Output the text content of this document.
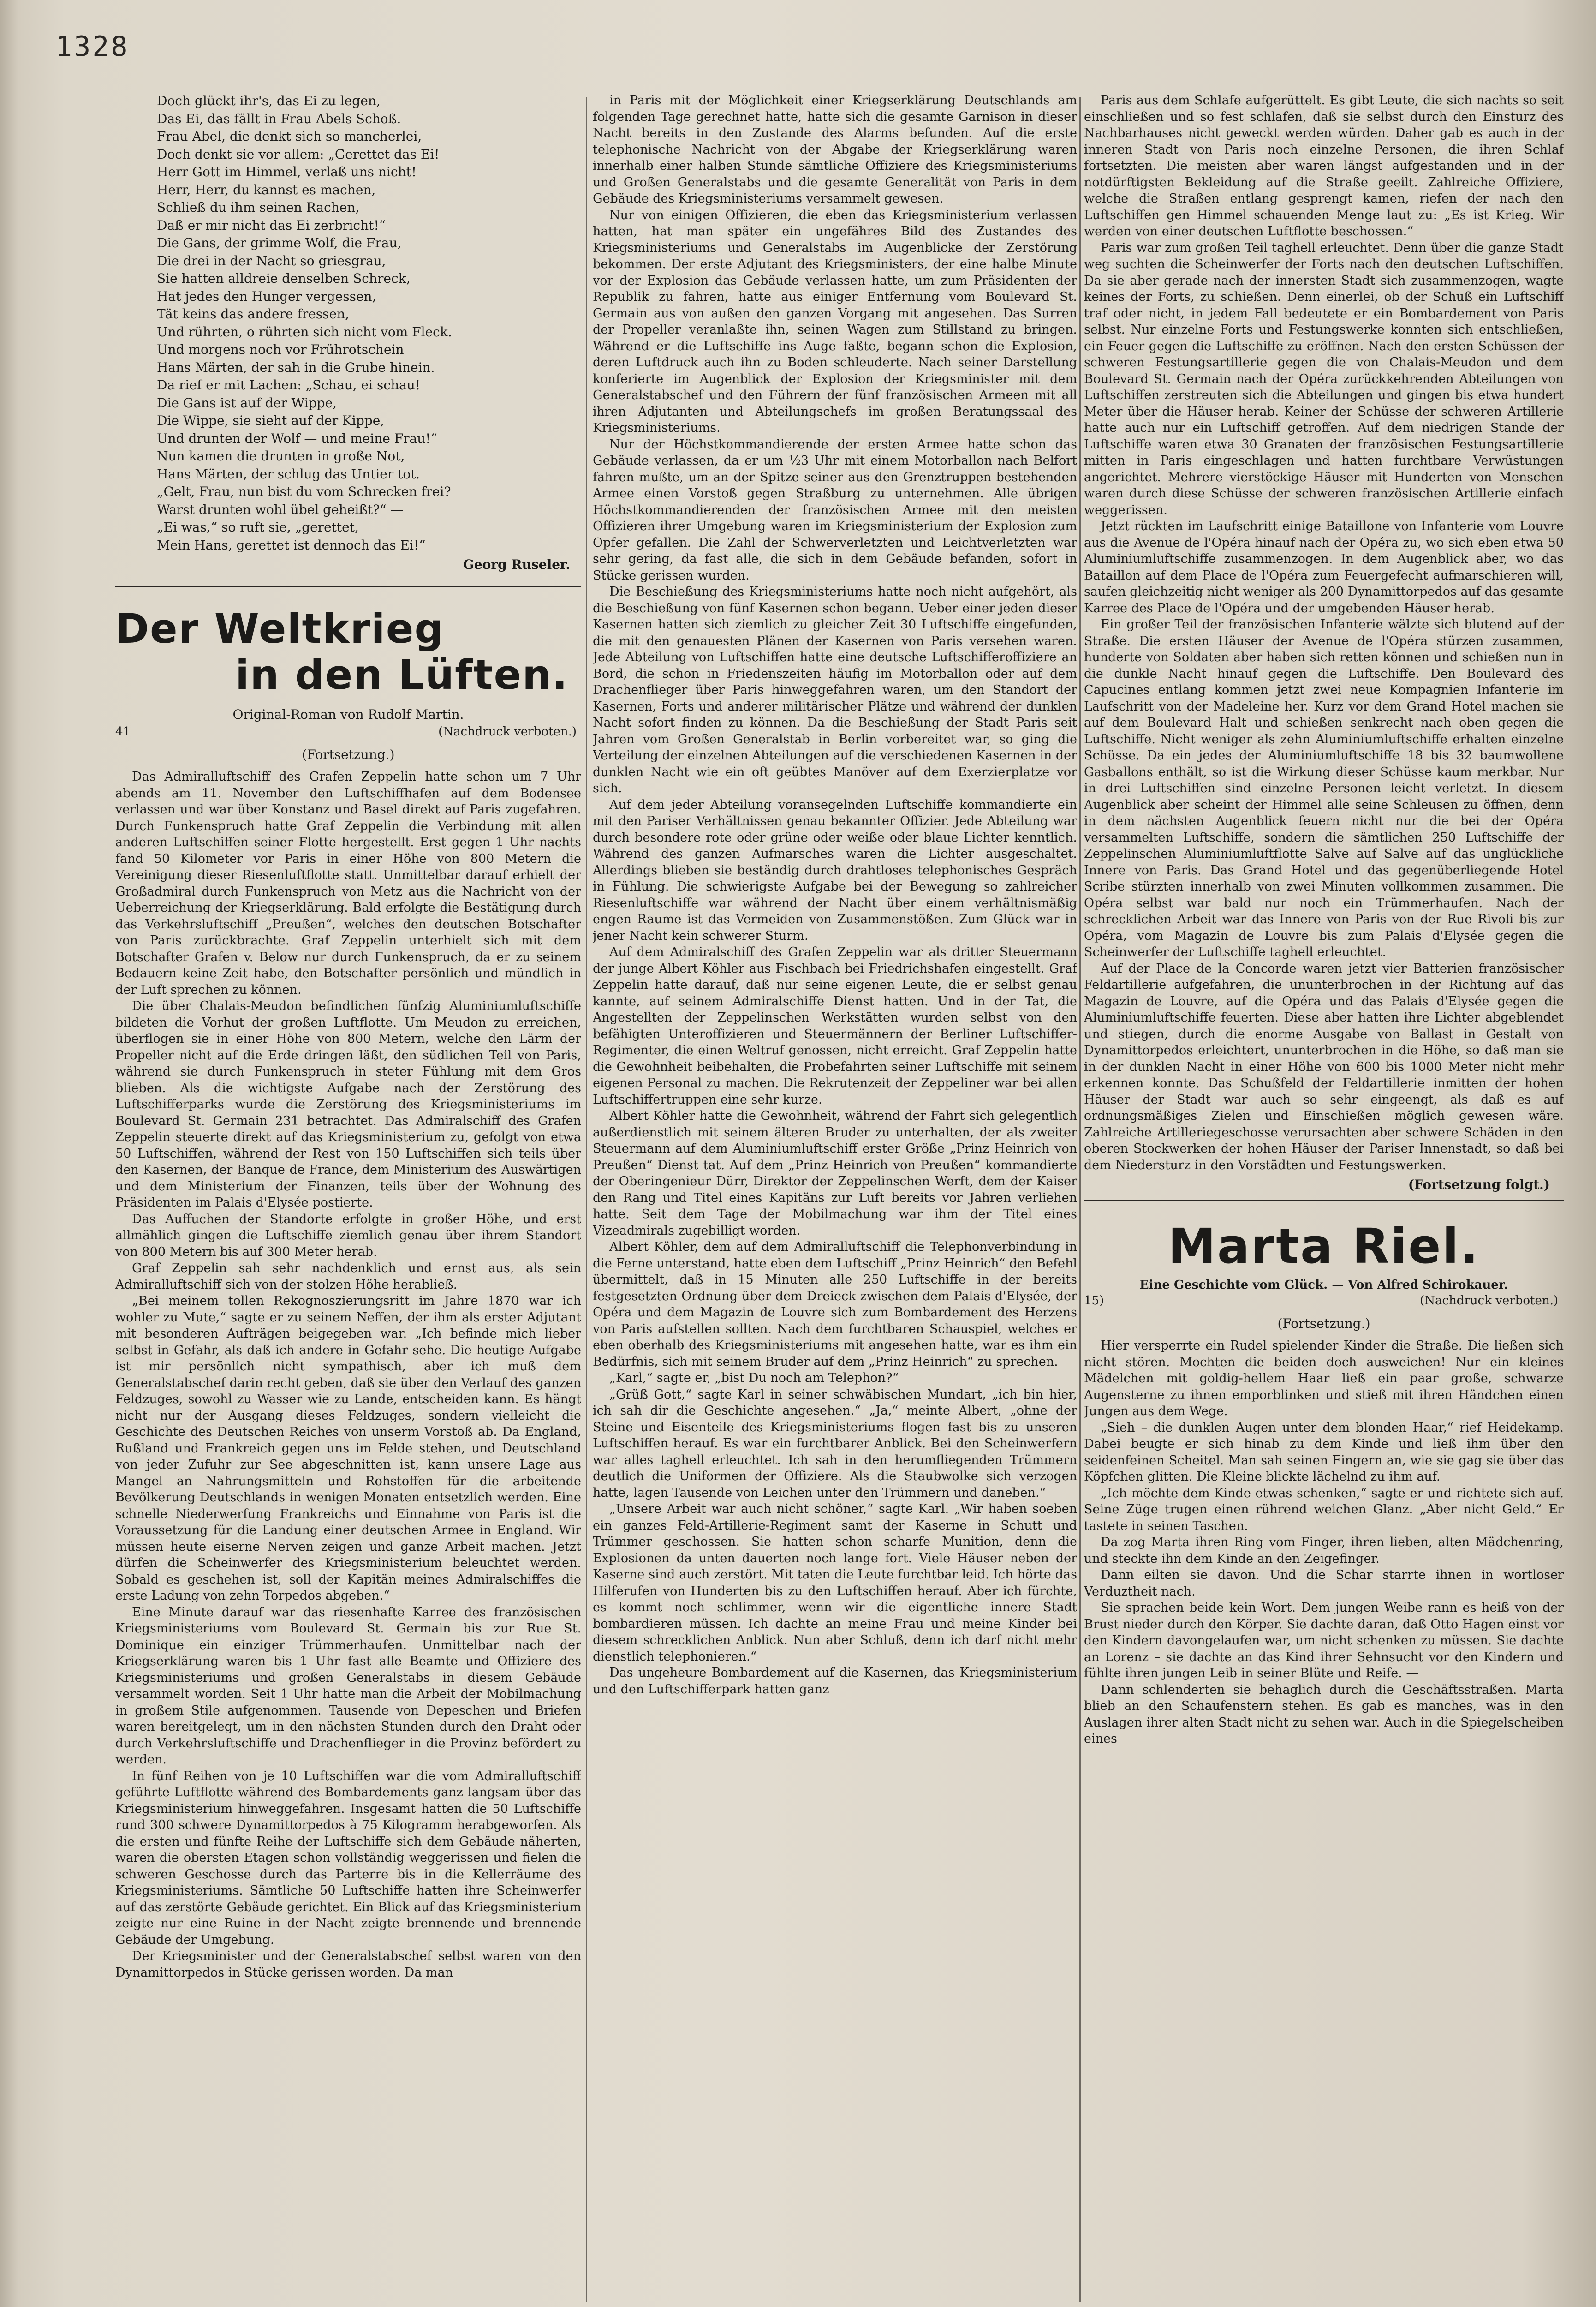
1328
Doch glückt ihr's, das Ei zu legen,
Das Ei, das fällt in Frau Abels Schoß.
Frau Abel, die denkt sich so mancherlei,
Doch denkt sie vor allem: „Gerettet das Ei!
Herr Gott im Himmel, verlaß uns nicht!
Herr, Herr, du kannst es machen,
Schließ du ihm seinen Rachen,
Daß er mir nicht das Ei zerbricht!“
Die Gans, der grimme Wolf, die Frau,
Die drei in der Nacht so griesgrau,
Sie hatten alldreie denselben Schreck,
Hat jedes den Hunger vergessen,
Tät keins das andere fressen,
Und rührten, o rührten sich nicht vom Fleck.
Und morgens noch vor Frührotschein
Hans Märten, der sah in die Grube hinein.
Da rief er mit Lachen: „Schau, ei schau!
Die Gans ist auf der Wippe,
Die Wippe, sie sieht auf der Kippe,
Und drunten der Wolf — und meine Frau!“
Nun kamen die drunten in große Not,
Hans Märten, der schlug das Untier tot.
„Gelt, Frau, nun bist du vom Schrecken frei?
Warst drunten wohl übel geheißt?“ —
„Ei was,“ so ruft sie, „gerettet,
Mein Hans, gerettet ist dennoch das Ei!“
Georg Ruseler.
Der Weltkrieg
in den Lüften.
Original-Roman von Rudolf Martin.
41	(Nachdruck verboten.)
(Fortsetzung.)

Das Admiralluftschiff des Grafen Zeppelin hatte schon um 7 Uhr abends am 11. November den Luftschiffhafen auf dem Bodensee verlassen und war über Konstanz und Basel direkt auf Paris zugefahren. Durch Funkenspruch hatte Graf Zeppelin die Verbindung mit allen anderen Luftschiffen seiner Flotte hergestellt. Erst gegen 1 Uhr nachts fand 50 Kilometer vor Paris in einer Höhe von 800 Metern die Vereinigung dieser Riesenluftflotte statt. Unmittelbar darauf erhielt der Großadmiral durch Funkenspruch von Metz aus die Nachricht von der Ueberreichung der Kriegserklärung. Bald erfolgte die Bestätigung durch das Verkehrsluftschiff „Preußen“, welches den deutschen Botschafter von Paris zurückbrachte. Graf Zeppelin unterhielt sich mit dem Botschafter Grafen v. Below nur durch Funkenspruch, da er zu seinem Bedauern keine Zeit habe, den Botschafter persönlich und mündlich in der Luft sprechen zu können.

Die über Chalais-Meudon befindlichen fünfzig Aluminiumluftschiffe bildeten die Vorhut der großen Luftflotte. Um Meudon zu erreichen, überflogen sie in einer Höhe von 800 Metern, welche den Lärm der Propeller nicht auf die Erde dringen läßt, den südlichen Teil von Paris, während sie durch Funkenspruch in steter Fühlung mit dem Gros blieben. Als die wichtigste Aufgabe nach der Zerstörung des Luftschifferparks wurde die Zerstörung des Kriegsministeriums im Boulevard St. Germain 231 betrachtet. Das Admiralschiff des Grafen Zeppelin steuerte direkt auf das Kriegsministerium zu, gefolgt von etwa 50 Luftschiffen, während der Rest von 150 Luftschiffen sich teils über den Kasernen, der Banque de France, dem Ministerium des Auswärtigen und dem Ministerium der Finanzen, teils über der Wohnung des Präsidenten im Palais d'Elysée postierte.

Das Auffuchen der Standorte erfolgte in großer Höhe, und erst allmählich gingen die Luftschiffe ziemlich genau über ihrem Standort von 800 Metern bis auf 300 Meter herab.

Graf Zeppelin sah sehr nachdenklich und ernst aus, als sein Admiralluftschiff sich von der stolzen Höhe herabließ.

„Bei meinem tollen Rekognoszierungsritt im Jahre 1870 war ich wohler zu Mute,“ sagte er zu seinem Neffen, der ihm als erster Adjutant mit besonderen Aufträgen beigegeben war. „Ich befinde mich lieber selbst in Gefahr, als daß ich andere in Gefahr sehe. Die heutige Aufgabe ist mir persönlich nicht sympathisch, aber ich muß dem Generalstabschef darin recht geben, daß sie über den Verlauf des ganzen Feldzuges, sowohl zu Wasser wie zu Lande, entscheiden kann. Es hängt nicht nur der Ausgang dieses Feldzuges, sondern vielleicht die Geschichte des Deutschen Reiches von unserm Vorstoß ab. Da England, Rußland und Frankreich gegen uns im Felde stehen, und Deutschland von jeder Zufuhr zur See abgeschnitten ist, kann unsere Lage aus Mangel an Nahrungsmitteln und Rohstoffen für die arbeitende Bevölkerung Deutschlands in wenigen Monaten entsetzlich werden. Eine schnelle Niederwerfung Frankreichs und Einnahme von Paris ist die Voraussetzung für die Landung einer deutschen Armee in England. Wir müssen heute eiserne Nerven zeigen und ganze Arbeit machen. Jetzt dürfen die Scheinwerfer des Kriegsministerium beleuchtet werden. Sobald es geschehen ist, soll der Kapitän meines Admiralschiffes die erste Ladung von zehn Torpedos abgeben.“

Eine Minute darauf war das riesenhafte Karree des französischen Kriegsministeriums vom Boulevard St. Germain bis zur Rue St. Dominique ein einziger Trümmerhaufen. Unmittelbar nach der Kriegserklärung waren bis 1 Uhr fast alle Beamte und Offiziere des Kriegsministeriums und großen Generalstabs in diesem Gebäude versammelt worden. Seit 1 Uhr hatte man die Arbeit der Mobilmachung in großem Stile aufgenommen. Tausende von Depeschen und Briefen waren bereitgelegt, um in den nächsten Stunden durch den Draht oder durch Verkehrsluftschiffe und Drachenflieger in die Provinz befördert zu werden.

In fünf Reihen von je 10 Luftschiffen war die vom Admiralluftschiff geführte Luftflotte während des Bombardements ganz langsam über das Kriegsministerium hinweggefahren. Insgesamt hatten die 50 Luftschiffe rund 300 schwere Dynamittorpedos à 75 Kilogramm herabgeworfen. Als die ersten und fünfte Reihe der Luftschiffe sich dem Gebäude näherten, waren die obersten Etagen schon vollständig weggerissen und fielen die schweren Geschosse durch das Parterre bis in die Kellerräume des Kriegsministeriums. Sämtliche 50 Luftschiffe hatten ihre Scheinwerfer auf das zerstörte Gebäude gerichtet. Ein Blick auf das Kriegsministerium zeigte nur eine Ruine in der Nacht zeigte brennende und brennende Gebäude der Umgebung.

Der Kriegsminister und der Generalstabschef selbst waren von den Dynamittorpedos in Stücke gerissen worden. Da man

in Paris mit der Möglichkeit einer Kriegserklärung Deutschlands am folgenden Tage gerechnet hatte, hatte sich die gesamte Garnison in dieser Nacht bereits in den Zustande des Alarms befunden. Auf die erste telephonische Nachricht von der Abgabe der Kriegserklärung waren innerhalb einer halben Stunde sämtliche Offiziere des Kriegsministeriums und Großen Generalstabs und die gesamte Generalität von Paris in dem Gebäude des Kriegsministeriums versammelt gewesen.

Nur von einigen Offizieren, die eben das Kriegsministerium verlassen hatten, hat man später ein ungefähres Bild des Zustandes des Kriegsministeriums und Generalstabs im Augenblicke der Zerstörung bekommen. Der erste Adjutant des Kriegsministers, der eine halbe Minute vor der Explosion das Gebäude verlassen hatte, um zum Präsidenten der Republik zu fahren, hatte aus einiger Entfernung vom Boulevard St. Germain aus von außen den ganzen Vorgang mit angesehen. Das Surren der Propeller veranlaßte ihn, seinen Wagen zum Stillstand zu bringen. Während er die Luftschiffe ins Auge faßte, begann schon die Explosion, deren Luftdruck auch ihn zu Boden schleuderte. Nach seiner Darstellung konferierte im Augenblick der Explosion der Kriegsminister mit dem Generalstabschef und den Führern der fünf französischen Armeen mit all ihren Adjutanten und Abteilungschefs im großen Beratungssaal des Kriegsministeriums.

Nur der Höchstkommandierende der ersten Armee hatte schon das Gebäude verlassen, da er um ½3 Uhr mit einem Motorballon nach Belfort fahren mußte, um an der Spitze seiner aus den Grenztruppen bestehenden Armee einen Vorstoß gegen Straßburg zu unternehmen. Alle übrigen Höchstkommandierenden der französischen Armee mit den meisten Offizieren ihrer Umgebung waren im Kriegsministerium der Explosion zum Opfer gefallen. Die Zahl der Schwerverletzten und Leichtverletzten war sehr gering, da fast alle, die sich in dem Gebäude befanden, sofort in Stücke gerissen wurden.

Die Beschießung des Kriegsministeriums hatte noch nicht aufgehört, als die Beschießung von fünf Kasernen schon begann. Ueber einer jeden dieser Kasernen hatten sich ziemlich zu gleicher Zeit 30 Luftschiffe eingefunden, die mit den genauesten Plänen der Kasernen von Paris versehen waren. Jede Abteilung von Luftschiffen hatte eine deutsche Luftschifferoffiziere an Bord, die schon in Friedenszeiten häufig im Motorballon oder auf dem Drachenflieger über Paris hinweggefahren waren, um den Standort der Kasernen, Forts und anderer militärischer Plätze und während der dunklen Nacht sofort finden zu können. Da die Beschießung der Stadt Paris seit Jahren vom Großen Generalstab in Berlin vorbereitet war, so ging die Verteilung der einzelnen Abteilungen auf die verschiedenen Kasernen in der dunklen Nacht wie ein oft geübtes Manöver auf dem Exerzierplatze vor sich.

Auf dem jeder Abteilung voransegelnden Luftschiffe kommandierte ein mit den Pariser Verhältnissen genau bekannter Offizier. Jede Abteilung war durch besondere rote oder grüne oder weiße oder blaue Lichter kenntlich. Während des ganzen Aufmarsches waren die Lichter ausgeschaltet. Allerdings blieben sie beständig durch drahtloses telephonisches Gespräch in Fühlung. Die schwierigste Aufgabe bei der Bewegung so zahlreicher Riesenluftschiffe war während der Nacht über einem verhältnismäßig engen Raume ist das Vermeiden von Zusammenstößen. Zum Glück war in jener Nacht kein schwerer Sturm.

Auf dem Admiralschiff des Grafen Zeppelin war als dritter Steuermann der junge Albert Köhler aus Fischbach bei Friedrichshafen eingestellt. Graf Zeppelin hatte darauf, daß nur seine eigenen Leute, die er selbst genau kannte, auf seinem Admiralschiffe Dienst hatten. Und in der Tat, die Angestellten der Zeppelinschen Werkstätten wurden selbst von den befähigten Unteroffizieren und Steuermännern der Berliner Luftschiffer-Regimenter, die einen Weltruf genossen, nicht erreicht. Graf Zeppelin hatte die Gewohnheit beibehalten, die Probefahrten seiner Luftschiffe mit seinem eigenen Personal zu machen. Die Rekrutenzeit der Zeppeliner war bei allen Luftschiffertruppen eine sehr kurze.

Albert Köhler hatte die Gewohnheit, während der Fahrt sich gelegentlich außerdienstlich mit seinem älteren Bruder zu unterhalten, der als zweiter Steuermann auf dem Aluminiumluftschiff erster Größe „Prinz Heinrich von Preußen“ Dienst tat. Auf dem „Prinz Heinrich von Preußen“ kommandierte der Oberingenieur Dürr, Direktor der Zeppelinschen Werft, dem der Kaiser den Rang und Titel eines Kapitäns zur Luft bereits vor Jahren verliehen hatte. Seit dem Tage der Mobilmachung war ihm der Titel eines Vizeadmirals zugebilligt worden.

Albert Köhler, dem auf dem Admiralluftschiff die Telephonverbindung in die Ferne unterstand, hatte eben dem Luftschiff „Prinz Heinrich“ den Befehl übermittelt, daß in 15 Minuten alle 250 Luftschiffe in der bereits festgesetzten Ordnung über dem Dreieck zwischen dem Palais d'Elysée, der Opéra und dem Magazin de Louvre sich zum Bombardement des Herzens von Paris aufstellen sollten. Nach dem furchtbaren Schauspiel, welches er eben oberhalb des Kriegsministeriums mit angesehen hatte, war es ihm ein Bedürfnis, sich mit seinem Bruder auf dem „Prinz Heinrich“ zu sprechen.

„Karl,“ sagte er, „bist Du noch am Telephon?“

„Grüß Gott,“ sagte Karl in seiner schwäbischen Mundart, „ich bin hier, ich sah dir die Geschichte angesehen.“ „Ja,“ meinte Albert, „ohne der Steine und Eisenteile des Kriegsministeriums flogen fast bis zu unseren Luftschiffen herauf. Es war ein furchtbarer Anblick. Bei den Scheinwerfern war alles taghell erleuchtet. Ich sah in den herumfliegenden Trümmern deutlich die Uniformen der Offiziere. Als die Staubwolke sich verzogen hatte, lagen Tausende von Leichen unter den Trümmern und daneben.“

„Unsere Arbeit war auch nicht schöner,“ sagte Karl. „Wir haben soeben ein ganzes Feld-Artillerie-Regiment samt der Kaserne in Schutt und Trümmer geschossen. Sie hatten schon scharfe Munition, denn die Explosionen da unten dauerten noch lange fort. Viele Häuser neben der Kaserne sind auch zerstört. Mit taten die Leute furchtbar leid. Ich hörte das Hilferufen von Hunderten bis zu den Luftschiffen herauf. Aber ich fürchte, es kommt noch schlimmer, wenn wir die eigentliche innere Stadt bombardieren müssen. Ich dachte an meine Frau und meine Kinder bei diesem schrecklichen Anblick. Nun aber Schluß, denn ich darf nicht mehr dienstlich telephonieren.“

Das ungeheure Bombardement auf die Kasernen, das Kriegsministerium und den Luftschifferpark hatten ganz

Paris aus dem Schlafe aufgerüttelt. Es gibt Leute, die sich nachts so seit einschließen und so fest schlafen, daß sie selbst durch den Einsturz des Nachbarhauses nicht geweckt werden würden. Daher gab es auch in der inneren Stadt von Paris noch einzelne Personen, die ihren Schlaf fortsetzten. Die meisten aber waren längst aufgestanden und in der notdürftigsten Bekleidung auf die Straße geeilt. Zahlreiche Offiziere, welche die Straßen entlang gesprengt kamen, riefen der nach den Luftschiffen gen Himmel schauenden Menge laut zu: „Es ist Krieg. Wir werden von einer deutschen Luftflotte beschossen.“

Paris war zum großen Teil taghell erleuchtet. Denn über die ganze Stadt weg suchten die Scheinwerfer der Forts nach den deutschen Luftschiffen. Da sie aber gerade nach der innersten Stadt sich zusammenzogen, wagte keines der Forts, zu schießen. Denn einerlei, ob der Schuß ein Luftschiff traf oder nicht, in jedem Fall bedeutete er ein Bombardement von Paris selbst. Nur einzelne Forts und Festungswerke konnten sich entschließen, ein Feuer gegen die Luftschiffe zu eröffnen. Nach den ersten Schüssen der schweren Festungsartillerie gegen die von Chalais-Meudon und dem Boulevard St. Germain nach der Opéra zurückkehrenden Abteilungen von Luftschiffen zerstreuten sich die Abteilungen und gingen bis etwa hundert Meter über die Häuser herab. Keiner der Schüsse der schweren Artillerie hatte auch nur ein Luftschiff getroffen. Auf dem niedrigen Stande der Luftschiffe waren etwa 30 Granaten der französischen Festungsartillerie mitten in Paris eingeschlagen und hatten furchtbare Verwüstungen angerichtet. Mehrere vierstöckige Häuser mit Hunderten von Menschen waren durch diese Schüsse der schweren französischen Artillerie einfach weggerissen.

Jetzt rückten im Laufschritt einige Bataillone von Infanterie vom Louvre aus die Avenue de l'Opéra hinauf nach der Opéra zu, wo sich eben etwa 50 Aluminiumluftschiffe zusammenzogen. In dem Augenblick aber, wo das Bataillon auf dem Place de l'Opéra zum Feuergefecht aufmarschieren will, saufen gleichzeitig nicht weniger als 200 Dynamittorpedos auf das gesamte Karree des Place de l'Opéra und der umgebenden Häuser herab.

Ein großer Teil der französischen Infanterie wälzte sich blutend auf der Straße. Die ersten Häuser der Avenue de l'Opéra stürzen zusammen, hunderte von Soldaten aber haben sich retten können und schießen nun in die dunkle Nacht hinauf gegen die Luftschiffe. Den Boulevard des Capucines entlang kommen jetzt zwei neue Kompagnien Infanterie im Laufschritt von der Madeleine her. Kurz vor dem Grand Hotel machen sie auf dem Boulevard Halt und schießen senkrecht nach oben gegen die Luftschiffe. Nicht weniger als zehn Aluminiumluftschiffe erhalten einzelne Schüsse. Da ein jedes der Aluminiumluftschiffe 18 bis 32 baumwollene Gasballons enthält, so ist die Wirkung dieser Schüsse kaum merkbar. Nur in drei Luftschiffen sind einzelne Personen leicht verletzt. In diesem Augenblick aber scheint der Himmel alle seine Schleusen zu öffnen, denn in dem nächsten Augenblick feuern nicht nur die bei der Opéra versammelten Luftschiffe, sondern die sämtlichen 250 Luftschiffe der Zeppelinschen Aluminiumluftflotte Salve auf Salve auf das unglückliche Innere von Paris. Das Grand Hotel und das gegenüberliegende Hotel Scribe stürzten innerhalb von zwei Minuten vollkommen zusammen. Die Opéra selbst war bald nur noch ein Trümmerhaufen. Nach der schrecklichen Arbeit war das Innere von Paris von der Rue Rivoli bis zur Opéra, vom Magazin de Louvre bis zum Palais d'Elysée gegen die Scheinwerfer der Luftschiffe taghell erleuchtet.

Auf der Place de la Concorde waren jetzt vier Batterien französischer Feldartillerie aufgefahren, die ununterbrochen in der Richtung auf das Magazin de Louvre, auf die Opéra und das Palais d'Elysée gegen die Aluminiumluftschiffe feuerten. Diese aber hatten ihre Lichter abgeblendet und stiegen, durch die enorme Ausgabe von Ballast in Gestalt von Dynamittorpedos erleichtert, ununterbrochen in die Höhe, so daß man sie in der dunklen Nacht in einer Höhe von 600 bis 1000 Meter nicht mehr erkennen konnte. Das Schußfeld der Feldartillerie inmitten der hohen Häuser der Stadt war auch so sehr eingeengt, als daß es auf ordnungsmäßiges Zielen und Einschießen möglich gewesen wäre. Zahlreiche Artilleriegeschosse verursachten aber schwere Schäden in den oberen Stockwerken der hohen Häuser der Pariser Innenstadt, so daß bei dem Niedersturz in den Vorstädten und Festungswerken.

(Fortsetzung folgt.)
Marta Riel.
Eine Geschichte vom Glück. — Von Alfred Schirokauer.
15)	(Nachdruck verboten.)
(Fortsetzung.)

Hier versperrte ein Rudel spielender Kinder die Straße. Die ließen sich nicht stören. Mochten die beiden doch ausweichen! Nur ein kleines Mädelchen mit goldig-hellem Haar ließ ein paar große, schwarze Augensterne zu ihnen emporblinken und stieß mit ihren Händchen einen Jungen aus dem Wege.

„Sieh – die dunklen Augen unter dem blonden Haar,“ rief Heidekamp. Dabei beugte er sich hinab zu dem Kinde und ließ ihm über den seidenfeinen Scheitel. Man sah seinen Fingern an, wie sie gag sie über das Köpfchen glitten. Die Kleine blickte lächelnd zu ihm auf.

„Ich möchte dem Kinde etwas schenken,“ sagte er und richtete sich auf. Seine Züge trugen einen rührend weichen Glanz. „Aber nicht Geld.“ Er tastete in seinen Taschen.

Da zog Marta ihren Ring vom Finger, ihren lieben, alten Mädchenring, und steckte ihn dem Kinde an den Zeigefinger.

Dann eilten sie davon. Und die Schar starrte ihnen in wortloser Verduztheit nach.

Sie sprachen beide kein Wort. Dem jungen Weibe rann es heiß von der Brust nieder durch den Körper. Sie dachte daran, daß Otto Hagen einst vor den Kindern davongelaufen war, um nicht schenken zu müssen. Sie dachte an Lorenz – sie dachte an das Kind ihrer Sehnsucht vor den Kindern und fühlte ihren jungen Leib in seiner Blüte und Reife. —

Dann schlenderten sie behaglich durch die Geschäftsstraßen. Marta blieb an den Schaufenstern stehen. Es gab es manches, was in den Auslagen ihrer alten Stadt nicht zu sehen war. Auch in die Spiegelscheiben eines
